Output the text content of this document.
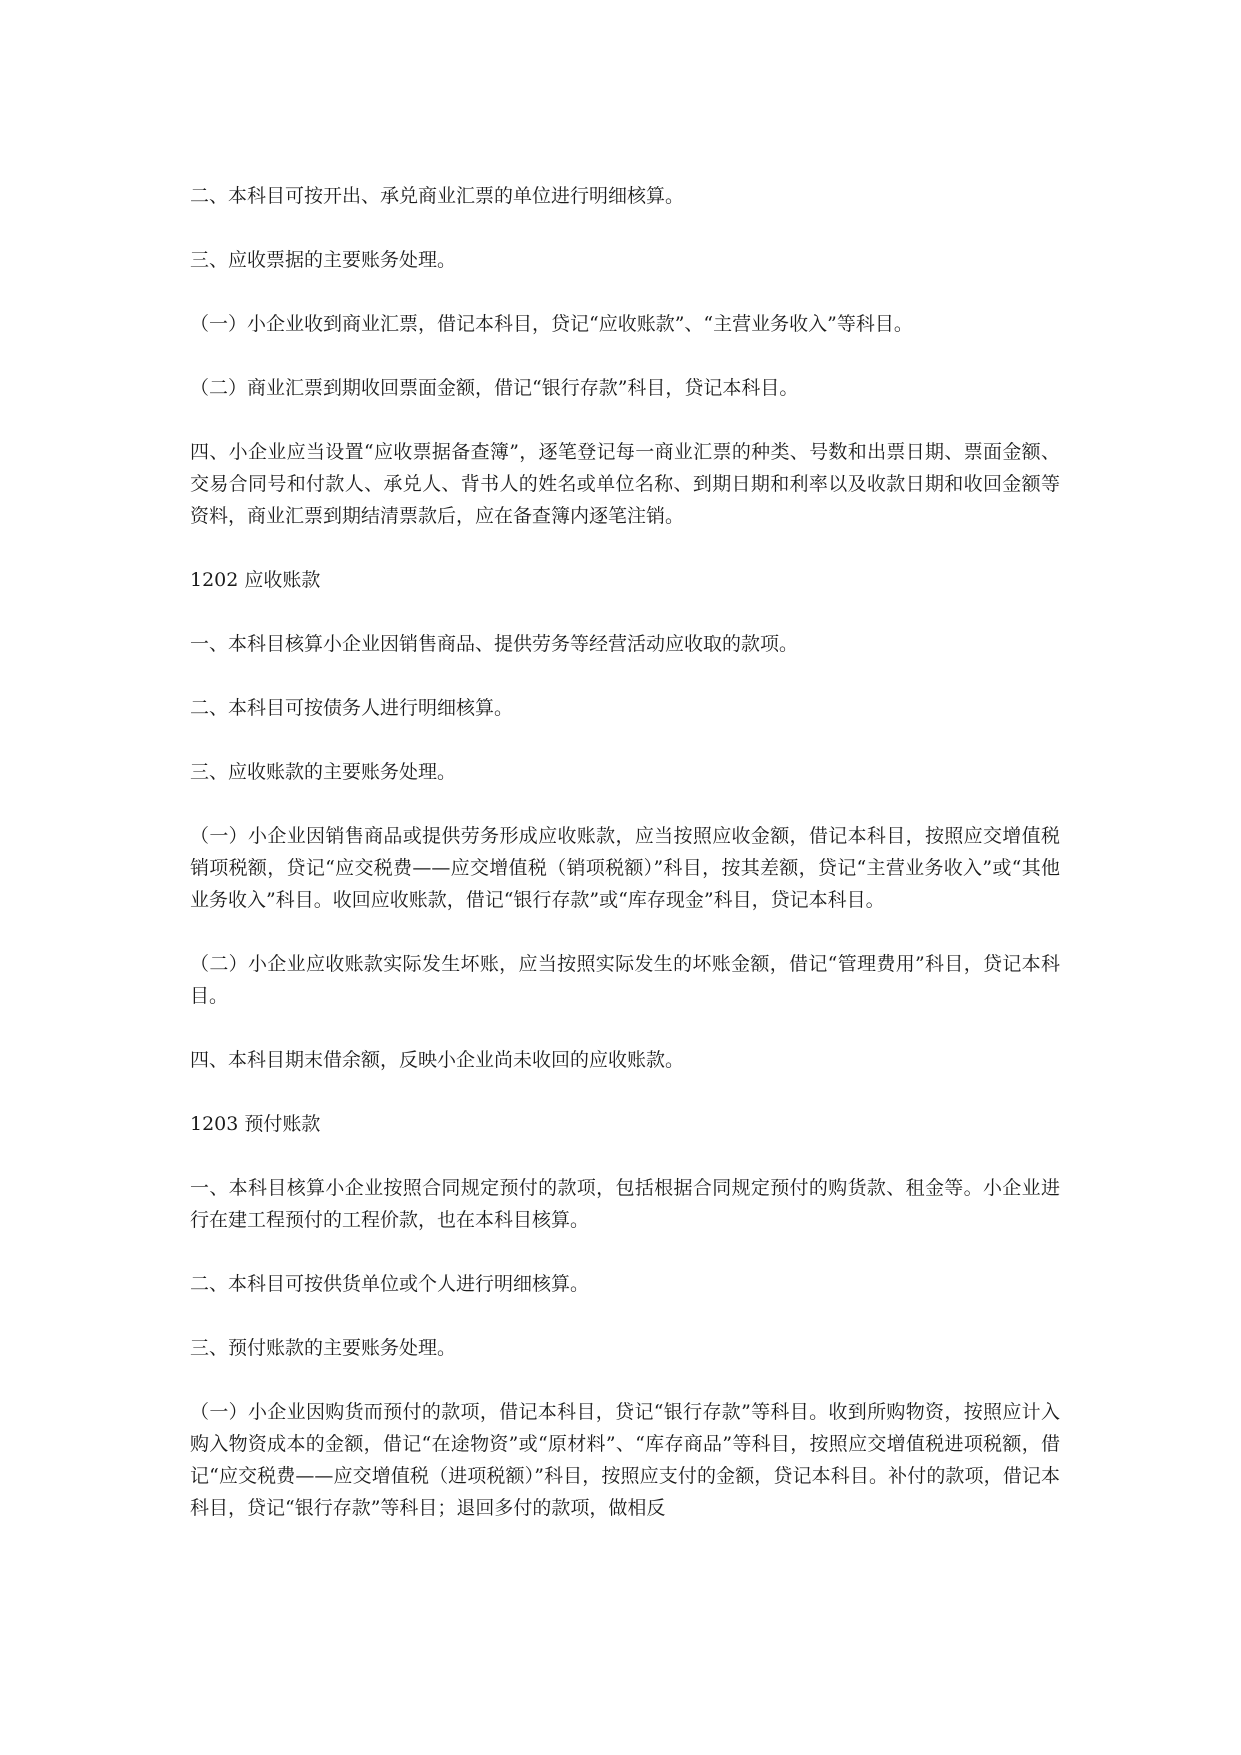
二、本科目可按开出、承兑商业汇票的单位进行明细核算。

三、应收票据的主要账务处理。

（一）小企业收到商业汇票，借记本科目，贷记“应收账款”、“主营业务收入”等科目。

（二）商业汇票到期收回票面金额，借记“银行存款”科目，贷记本科目。

四、小企业应当设置“应收票据备查簿”，逐笔登记每一商业汇票的种类、号数和出票日期、票面金额、交易合同号和付款人、承兑人、背书人的姓名或单位名称、到期日期和利率以及收款日期和收回金额等资料，商业汇票到期结清票款后，应在备查簿内逐笔注销。

1202 应收账款

一、本科目核算小企业因销售商品、提供劳务等经营活动应收取的款项。

二、本科目可按债务人进行明细核算。

三、应收账款的主要账务处理。

（一）小企业因销售商品或提供劳务形成应收账款，应当按照应收金额，借记本科目，按照应交增值税销项税额，贷记“应交税费——应交增值税（销项税额）”科目，按其差额，贷记“主营业务收入”或“其他业务收入”科目。收回应收账款，借记“银行存款”或“库存现金”科目，贷记本科目。

（二）小企业应收账款实际发生坏账，应当按照实际发生的坏账金额，借记“管理费用”科目，贷记本科目。

四、本科目期末借余额，反映小企业尚未收回的应收账款。

1203 预付账款

一、本科目核算小企业按照合同规定预付的款项，包括根据合同规定预付的购货款、租金等。小企业进行在建工程预付的工程价款，也在本科目核算。

二、本科目可按供货单位或个人进行明细核算。

三、预付账款的主要账务处理。

（一）小企业因购货而预付的款项，借记本科目，贷记“银行存款”等科目。收到所购物资，按照应计入购入物资成本的金额，借记“在途物资”或“原材料”、“库存商品”等科目，按照应交增值税进项税额，借记“应交税费——应交增值税（进项税额）”科目，按照应支付的金额，贷记本科目。补付的款项，借记本科目，贷记“银行存款”等科目；退回多付的款项，做相反
